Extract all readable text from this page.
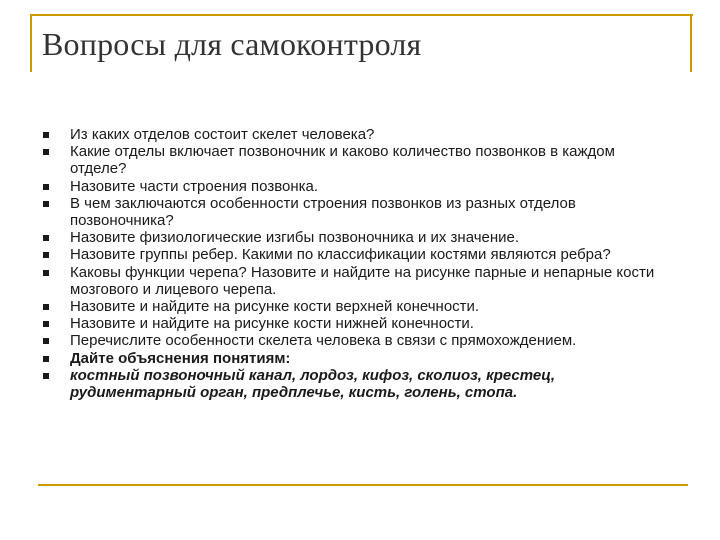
Вопросы для самоконтроля
Из каких отделов состоит скелет человека?
Какие отделы включает позвоночник и каково количество позвонков в каждом отделе?
Назовите части строения позвонка.
В чем заключаются особенности строения позвонков из разных отделов позвоночника?
Назовите физиологические изгибы позвоночника и их значение.
Назовите группы ребер. Какими по классификации костями являются ребра?
Каковы функции черепа? Назовите и найдите на рисунке парные и непарные кости мозгового и лицевого черепа.
Назовите и найдите на рисунке кости верхней конечности.
Назовите и найдите на рисунке кости нижней конечности.
Перечислите особенности скелета человека в связи с прямохождением.
Дайте объяснения понятиям:
костный позвоночный канал, лордоз, кифоз, сколиоз, крестец, рудиментарный орган, предплечье, кисть, голень, стопа.
